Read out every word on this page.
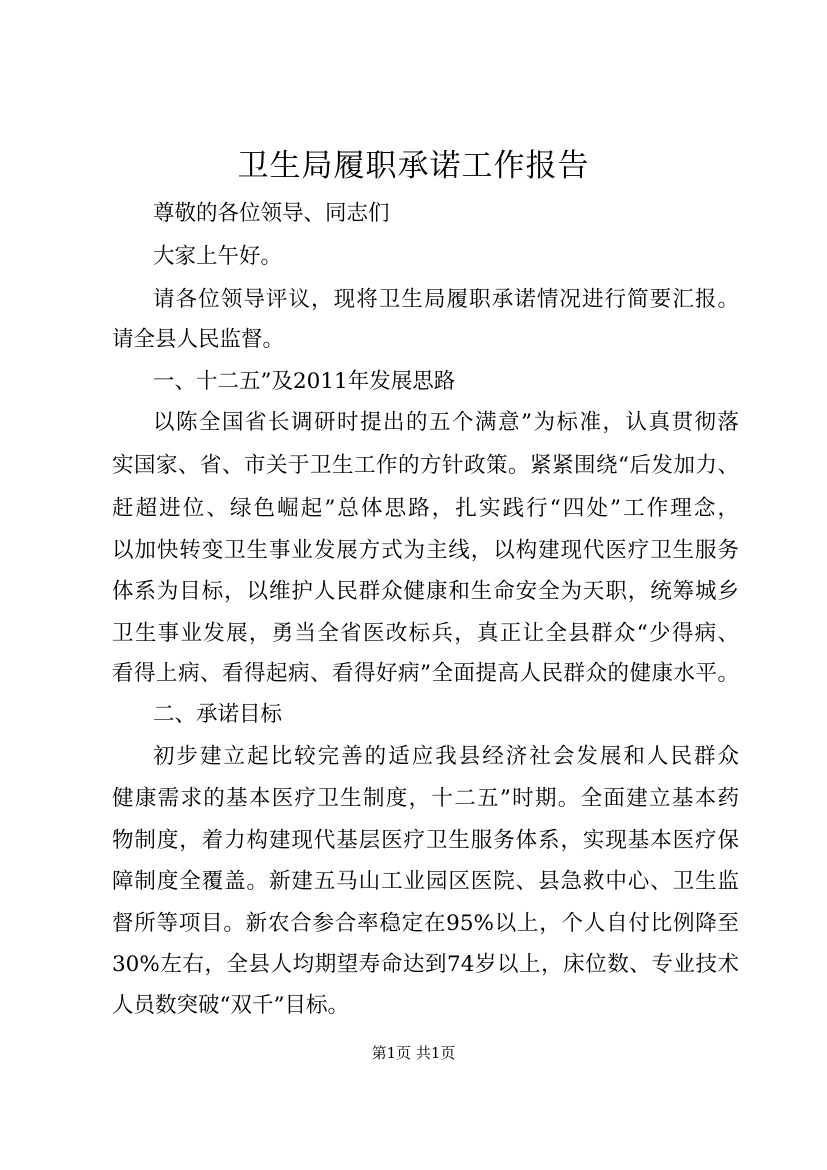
卫生局履职承诺工作报告
尊敬的各位领导、同志们
大家上午好。
请各位领导评议，现将卫生局履职承诺情况进行简要汇报。
请全县人民监督。
一、十二五”及2011年发展思路
以陈全国省长调研时提出的五个满意”为标准，认真贯彻落
实国家、省、市关于卫生工作的方针政策。紧紧围绕“后发加力、
赶超进位、绿色崛起”总体思路，扎实践行“四处”工作理念，
以加快转变卫生事业发展方式为主线，以构建现代医疗卫生服务
体系为目标，以维护人民群众健康和生命安全为天职，统筹城乡
卫生事业发展，勇当全省医改标兵，真正让全县群众“少得病、
看得上病、看得起病、看得好病”全面提高人民群众的健康水平。
二、承诺目标
初步建立起比较完善的适应我县经济社会发展和人民群众
健康需求的基本医疗卫生制度，十二五”时期。全面建立基本药
物制度，着力构建现代基层医疗卫生服务体系，实现基本医疗保
障制度全覆盖。新建五马山工业园区医院、县急救中心、卫生监
督所等项目。新农合参合率稳定在95%以上，个人自付比例降至
30%左右，全县人均期望寿命达到74岁以上，床位数、专业技术
人员数突破“双千”目标。
第1页 共1页
